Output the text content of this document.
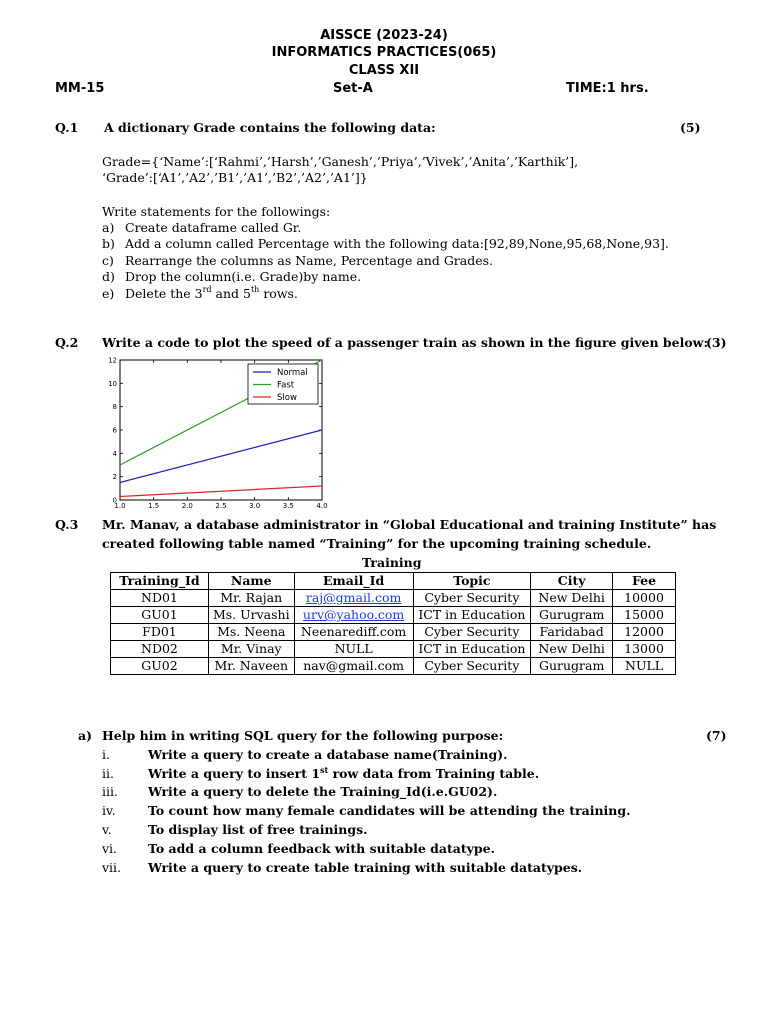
AISSCE (2023-24)
INFORMATICS PRACTICES(065)
CLASS XII
MM-15	Set-A	TIME:1 hrs.
Q.1 A dictionary Grade contains the following data:	(5)
Grade={‘Name’:[‘Rahmi’,’Harsh’,’Ganesh’,’Priya’,’Vivek’,’Anita’,’Karthik’],
‘Grade’:[‘A1’,’A2’,’B1’,’A1’,’B2’,’A2’,’A1’]}
Write statements for the followings:
a) Create dataframe called Gr.
b) Add a column called Percentage with the following data:[92,89,None,95,68,None,93].
c) Rearrange the columns as Name, Percentage and Grades.
d) Drop the column(i.e. Grade)by name.
e) Delete the 3rd and 5th rows.
Q.2 Write a code to plot the speed of a passenger train as shown in the figure given below:
(3)
0
2
4
6
8
10
12
1.0	1.5	2.0	2.5	3.0	3.5	4.0
Normal
Fast
Slow
Q.3 Mr. Manav, a database administrator in “Global Educational and training Institute” has
created following table named “Training” for the upcoming training schedule.
Training
Training_Id	Name	Email_Id	Topic	City	Fee
ND01	Mr. Rajan	raj@gmail.com	Cyber Security	New Delhi	10000
GU01	Ms. Urvashi	urv@yahoo.com	ICT in Education	Gurugram	15000
FD01	Ms. Neena	Neenarediff.com	Cyber Security	Faridabad	12000
ND02	Mr. Vinay	NULL	ICT in Education	New Delhi	13000
GU02	Mr. Naveen	nav@gmail.com	Cyber Security	Gurugram	NULL
a) Help him in writing SQL query for the following purpose:	(7)
i.	Write a query to create a database name(Training).
ii.	Write a query to insert 1st row data from Training table.
iii.	Write a query to delete the Training_Id(i.e.GU02).
iv.	To count how many female candidates will be attending the training.
v.	To display list of free trainings.
vi.	To add a column feedback with suitable datatype.
vii.	Write a query to create table training with suitable datatypes.
